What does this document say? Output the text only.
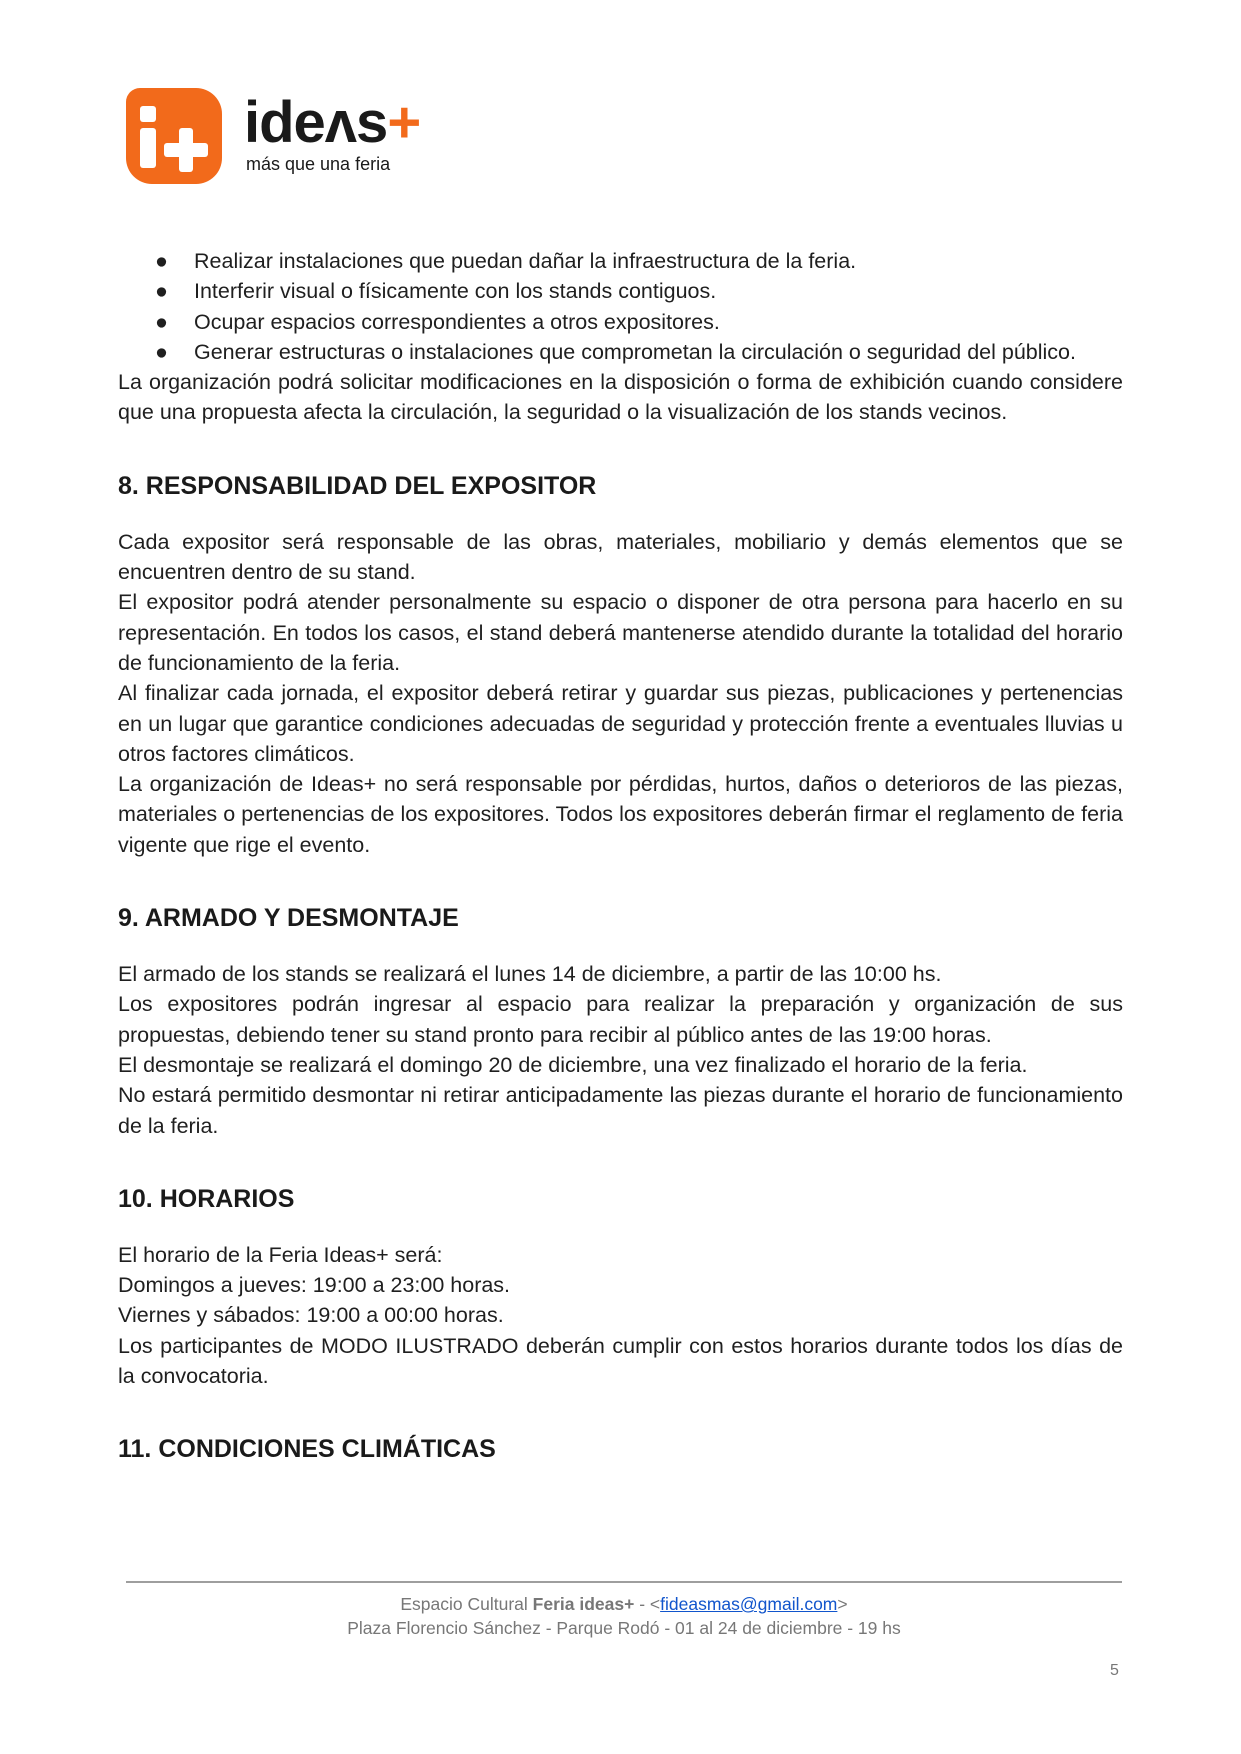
ideʌs+
más que una feria
● Realizar instalaciones que puedan dañar la infraestructura de la feria.
● Interferir visual o físicamente con los stands contiguos.
● Ocupar espacios correspondientes a otros expositores.
● Generar estructuras o instalaciones que comprometan la circulación o seguridad del público.

La organización podrá solicitar modificaciones en la disposición o forma de exhibición cuando considere que una propuesta afecta la circulación, la seguridad o la visualización de los stands vecinos.

8. RESPONSABILIDAD DEL EXPOSITOR

Cada expositor será responsable de las obras, materiales, mobiliario y demás elementos que se encuentren dentro de su stand.

El expositor podrá atender personalmente su espacio o disponer de otra persona para hacerlo en su representación. En todos los casos, el stand deberá mantenerse atendido durante la totalidad del horario de funcionamiento de la feria.

Al finalizar cada jornada, el expositor deberá retirar y guardar sus piezas, publicaciones y pertenencias en un lugar que garantice condiciones adecuadas de seguridad y protección frente a eventuales lluvias u otros factores climáticos.

La organización de Ideas+ no será responsable por pérdidas, hurtos, daños o deterioros de las piezas, materiales o pertenencias de los expositores. Todos los expositores deberán firmar el reglamento de feria vigente que rige el evento.

9. ARMADO Y DESMONTAJE

El armado de los stands se realizará el lunes 14 de diciembre, a partir de las 10:00 hs.

Los expositores podrán ingresar al espacio para realizar la preparación y organización de sus propuestas, debiendo tener su stand pronto para recibir al público antes de las 19:00 horas.

El desmontaje se realizará el domingo 20 de diciembre, una vez finalizado el horario de la feria.

No estará permitido desmontar ni retirar anticipadamente las piezas durante el horario de funcionamiento de la feria.

10. HORARIOS

El horario de la Feria Ideas+ será:

Domingos a jueves: 19:00 a 23:00 horas.

Viernes y sábados: 19:00 a 00:00 horas.

Los participantes de MODO ILUSTRADO deberán cumplir con estos horarios durante todos los días de la convocatoria.

11. CONDICIONES CLIMÁTICAS
Espacio Cultural Feria ideas+ - <fideasmas@gmail.com>
Plaza Florencio Sánchez - Parque Rodó - 01 al 24 de diciembre - 19 hs
5
